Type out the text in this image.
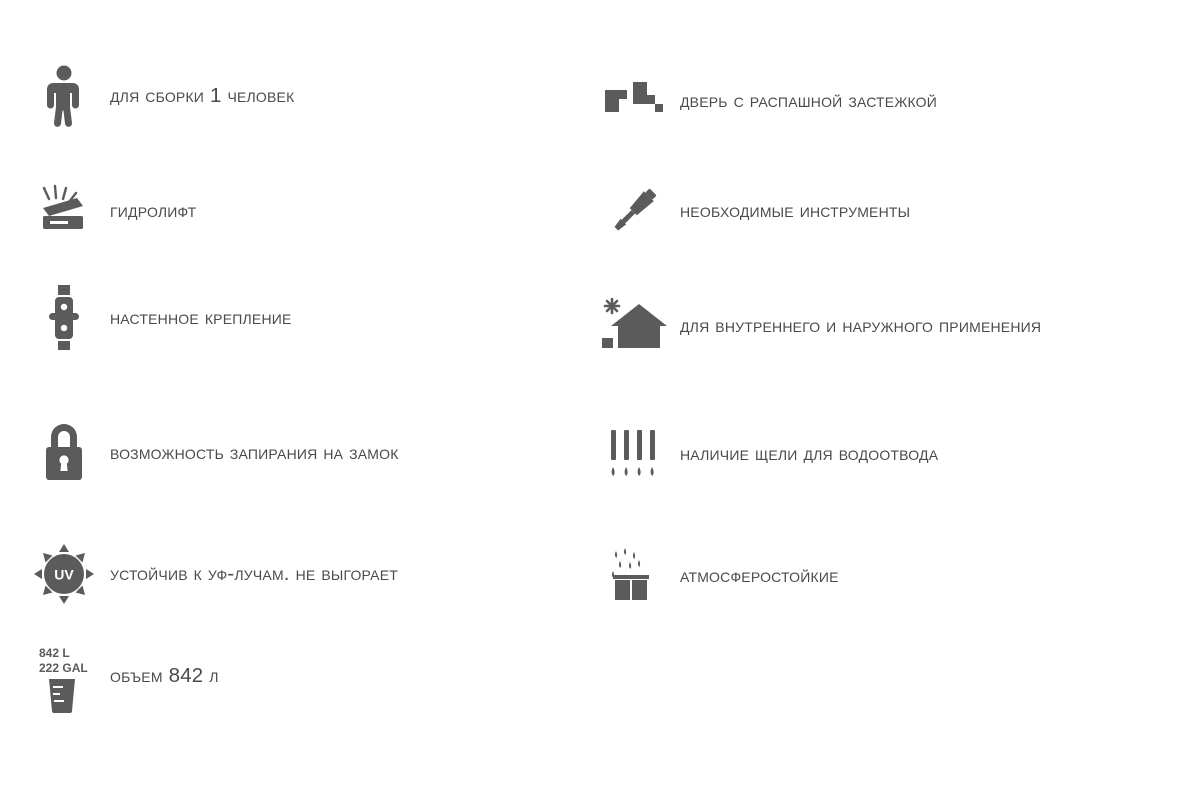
для сборки 1 человек
гидролифт
настенное крепление
возможность запирания на замок
UV	устойчив к уф-лучам. не выгорает
842 L
222 GAL	объем 842 л
дверь с распашной застежкой
необходимые инструменты
для внутреннего и наружного применения
наличие щели для водоотвода
атмосферостойкие
